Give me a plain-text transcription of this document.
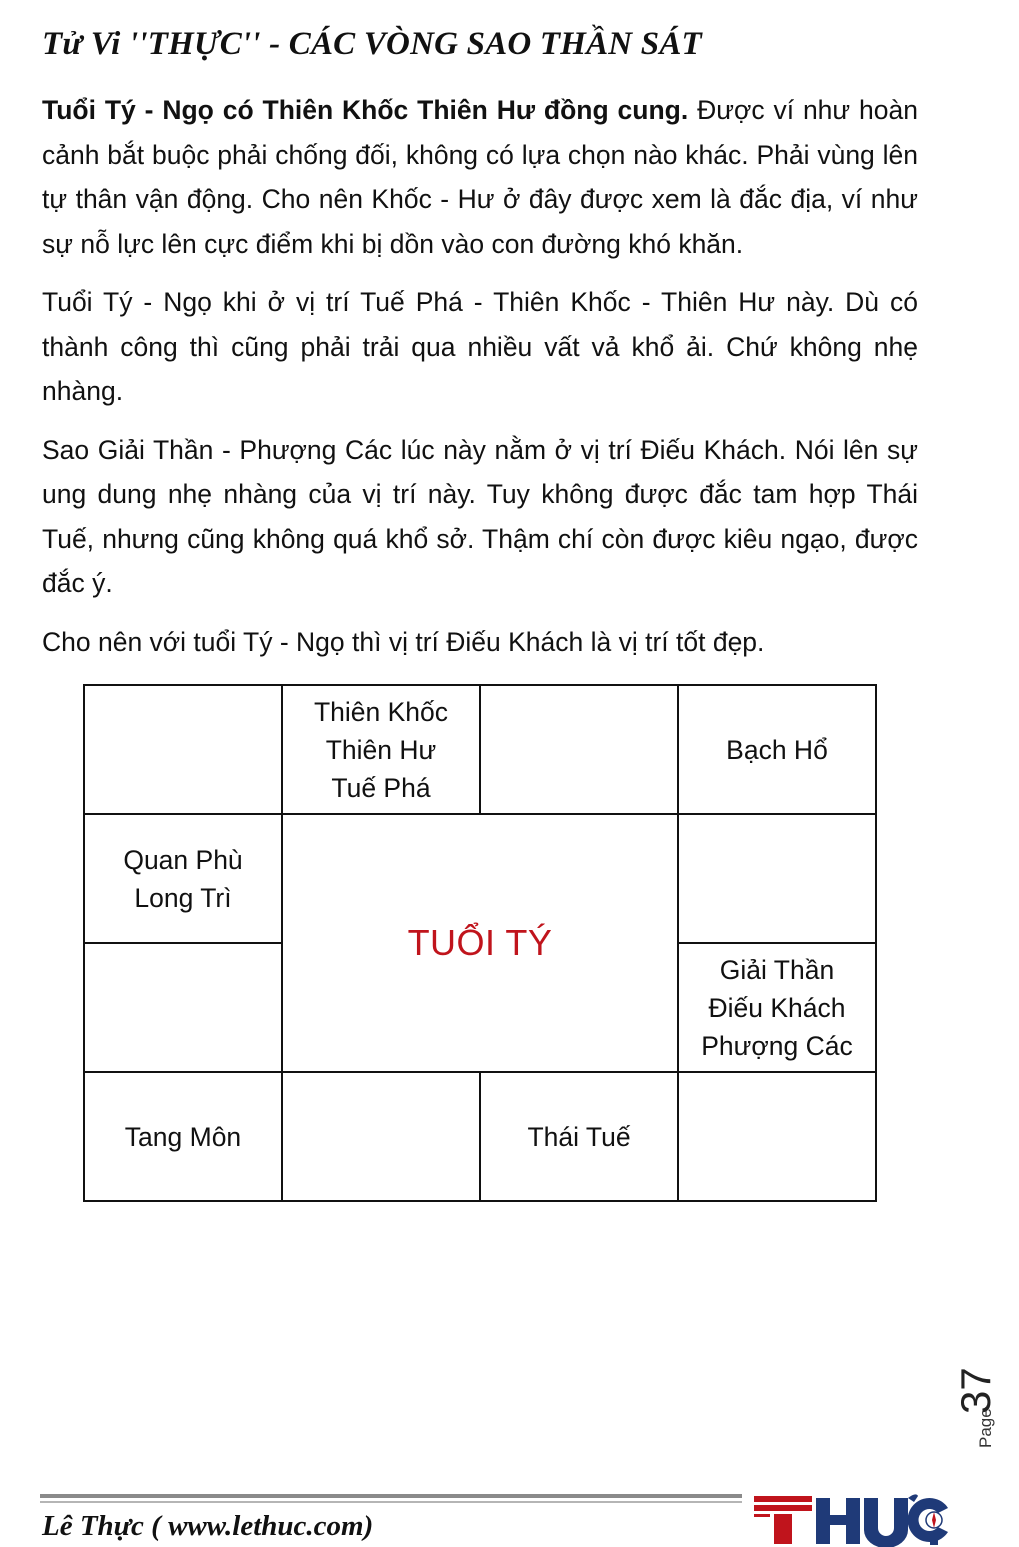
Tử Vi ''THỰC'' - CÁC VÒNG SAO THẦN SÁT

Tuổi Tý - Ngọ có Thiên Khốc Thiên Hư đồng cung. Được ví như hoàn cảnh bắt buộc phải chống đối, không có lựa chọn nào khác. Phải vùng lên tự thân vận động. Cho nên Khốc - Hư ở đây được xem là đắc địa, ví như sự nỗ lực lên cực điểm khi bị dồn vào con đường khó khăn.

Tuổi Tý - Ngọ khi ở vị trí Tuế Phá - Thiên Khốc - Thiên Hư này. Dù có thành công thì cũng phải trải qua nhiều vất vả khổ ải. Chứ không nhẹ nhàng.

Sao Giải Thần - Phượng Các lúc này nằm ở vị trí Điếu Khách. Nói lên sự ung dung nhẹ nhàng của vị trí này. Tuy không được đắc tam hợp Thái Tuế, nhưng cũng không quá khổ sở. Thậm chí còn được kiêu ngạo, được đắc ý.

Cho nên với tuổi Tý - Ngọ thì vị trí Điếu Khách là vị trí tốt đẹp.

	Thiên Khốc
Thiên Hư
Tuế Phá		Bạch Hổ

Quan Phù
Long Trì	TUỔI TÝ		

			Giải Thần
Điếu Khách
Phượng Các

Tang Môn		Thái Tuế	

Page
37
Lê Thực ( www.lethuc.com)
